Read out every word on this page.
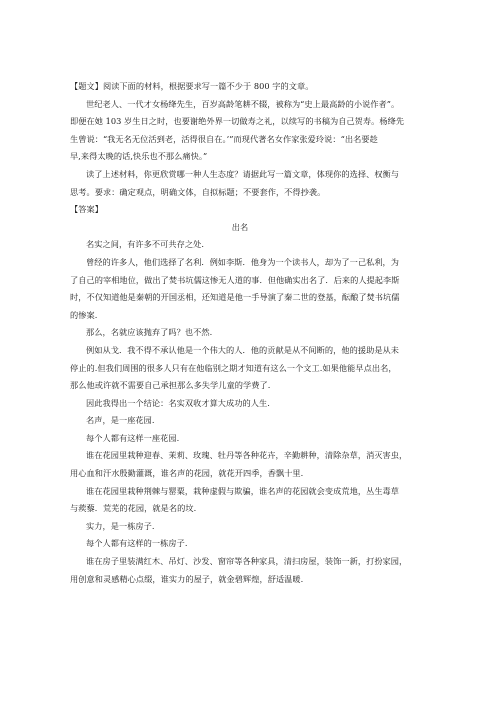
【题文】阅读下面的材料，根据要求写一篇不少于 800 字的文章。
世纪老人、一代才女杨绛先生，百岁高龄笔耕不辍，被称为“史上最高龄的小说作者”。
即便在她 103 岁生日之时，也要谢绝外界一切做寿之礼，以续写的书稿为自己贺寿。杨绛先
生曾说：“我无名无位活到老，活得很自在。’”而现代著名女作家张爱玲说：“出名要趁
早,来得太晚的话,快乐也不那么痛快。”
读了上述材料，你更欣赏哪一种人生态度？请据此写一篇文章，体现你的选择、权衡与
思考。要求：确定观点，明确文体，自拟标题；不要套作，不得抄袭。
【答案】
出名
名实之间，有许多不可共存之处.
曾经的许多人，他们选择了名利．例如李斯．他身为一个读书人，却为了一己私利，为
了自己的宰相地位，做出了焚书坑儒这惨无人道的事．但他确实出名了．后来的人提起李斯
时，不仅知道他是秦朝的开国丞相，还知道是他一手导演了秦二世的登基，酝酿了焚书坑儒
的惨案.
那么，名就应该抛弃了吗？也不然.
例如从戈．我不得不承认他是一个伟大的人．他的贡献是从不间断的，他的援助是从未
停止的.但我们周围的很多人只有在他临别之期才知道有这么一个文工.如果他能早点出名，
那么他或许就不需要自己承担那么多失学儿童的学费了.
因此我得出一个结论：名实双收才算大成功的人生.
名声，是一座花园.
每个人都有这样一座花园.
谁在花园里栽种迎春、茉莉、玫瑰、牡丹等各种花卉，辛勤耕种，清除杂草，消灭害虫，
用心血和汗水殷勤灌溉，谁名声的花园，就花开四季，香飘十里.
谁在花园里栽种荆棘与罂粟，栽种虚假与欺骗，谁名声的花园就会变成荒地，丛生毒草
与蒺藜．荒芜的花园，就是名的坟.
实力，是一栋房子.
每个人都有这样的一栋房子.
谁在房子里装满红木、吊灯、沙发、窗帘等各种家具，清扫房屋，装饰一新，打扮家园，
用创意和灵感精心点缀，谁实力的屋子，就金碧辉煌，舒适温暖.
